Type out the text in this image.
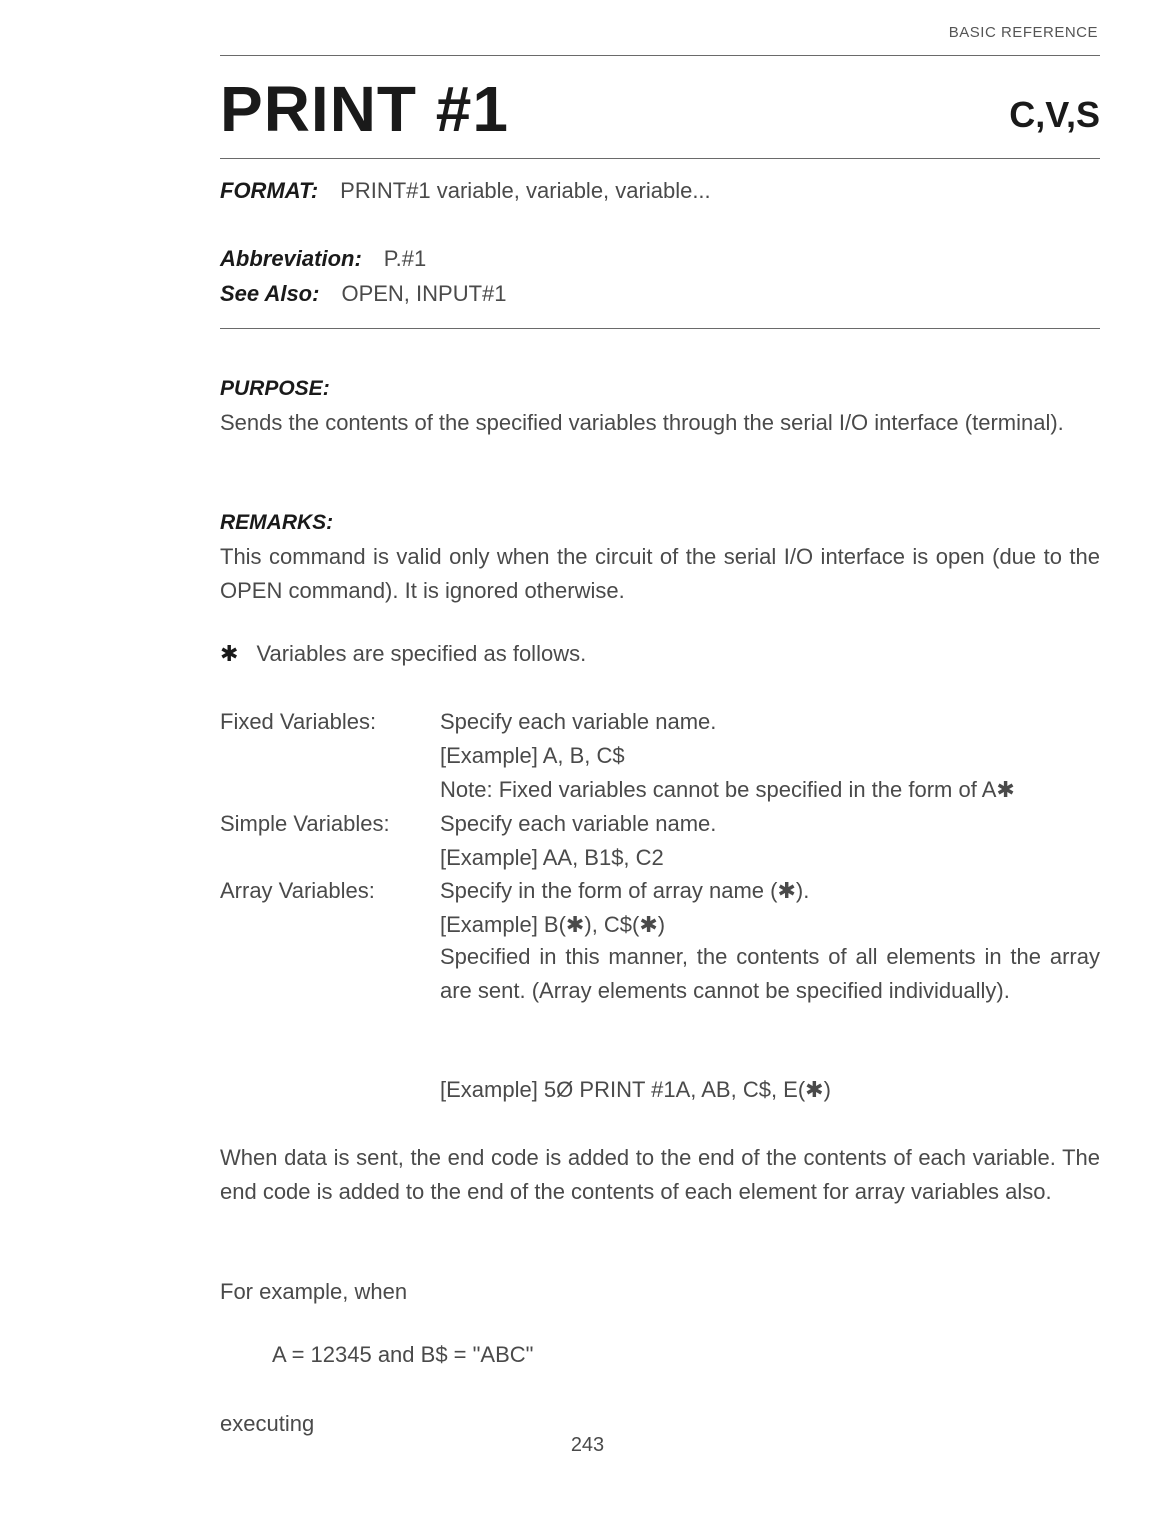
BASIC REFERENCE
PRINT #1	C,V,S
FORMAT: PRINT#1 variable, variable, variable...
Abbreviation: P.#1
See Also: OPEN, INPUT#1
PURPOSE:
Sends the contents of the specified variables through the serial I/O interface (terminal).
REMARKS:
This command is valid only when the circuit of the serial I/O interface is open (due to the OPEN command). It is ignored otherwise.
✱ Variables are specified as follows.
Fixed Variables:	Specify each variable name.
[Example] A, B, C$
Note: Fixed variables cannot be specified in the form of A✱
Simple Variables: Specify each variable name.
[Example] AA, B1$, C2
Array Variables:	Specify in the form of array name (✱).
[Example] B(✱), C$(✱)
Specified in this manner, the contents of all elements in the array are sent. (Array elements cannot be specified individually).
[Example] 5Ø PRINT #1A, AB, C$, E(✱)
When data is sent, the end code is added to the end of the contents of each variable. The end code is added to the end of the contents of each element for array variables also.
For example, when
A = 12345 and B$ = "ABC"
executing
243
